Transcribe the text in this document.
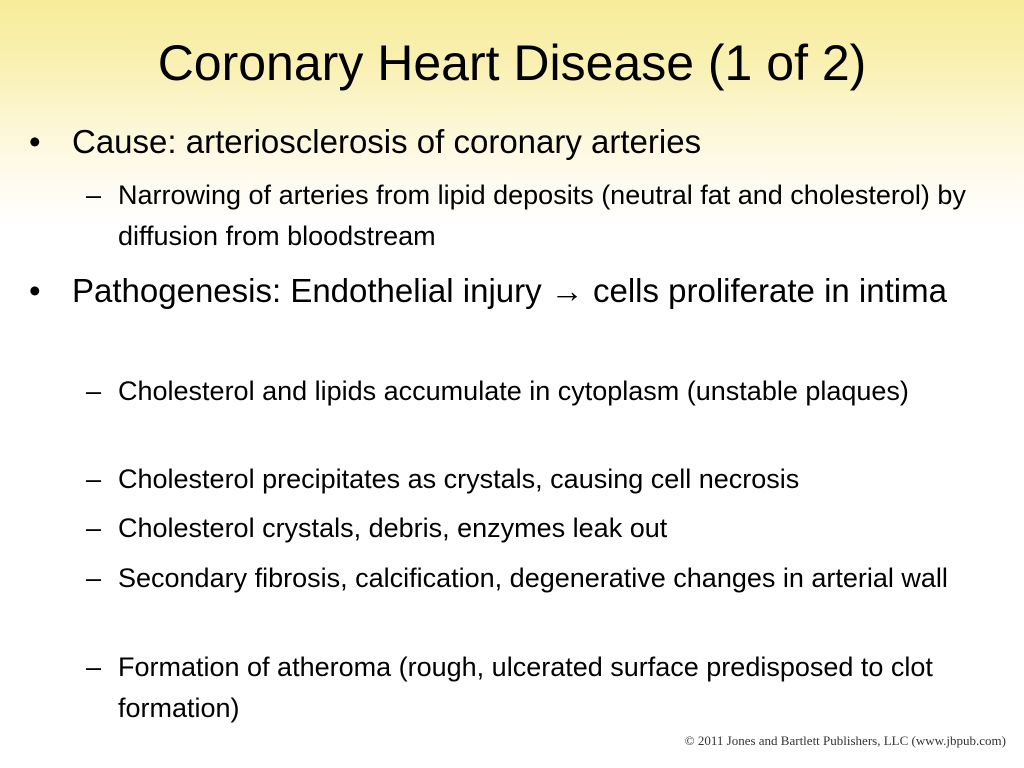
Coronary Heart Disease (1 of 2)
• Cause: arteriosclerosis of coronary arteries
– Narrowing of arteries from lipid deposits (neutral fat and cholesterol) by diffusion from bloodstream
• Pathogenesis: Endothelial injury → cells proliferate in intima
– Cholesterol and lipids accumulate in cytoplasm (unstable plaques)
– Cholesterol precipitates as crystals, causing cell necrosis
– Cholesterol crystals, debris, enzymes leak out
– Secondary fibrosis, calcification, degenerative changes in arterial wall
– Formation of atheroma (rough, ulcerated surface predisposed to clot formation)
© 2011 Jones and Bartlett Publishers, LLC (www.jbpub.com)
